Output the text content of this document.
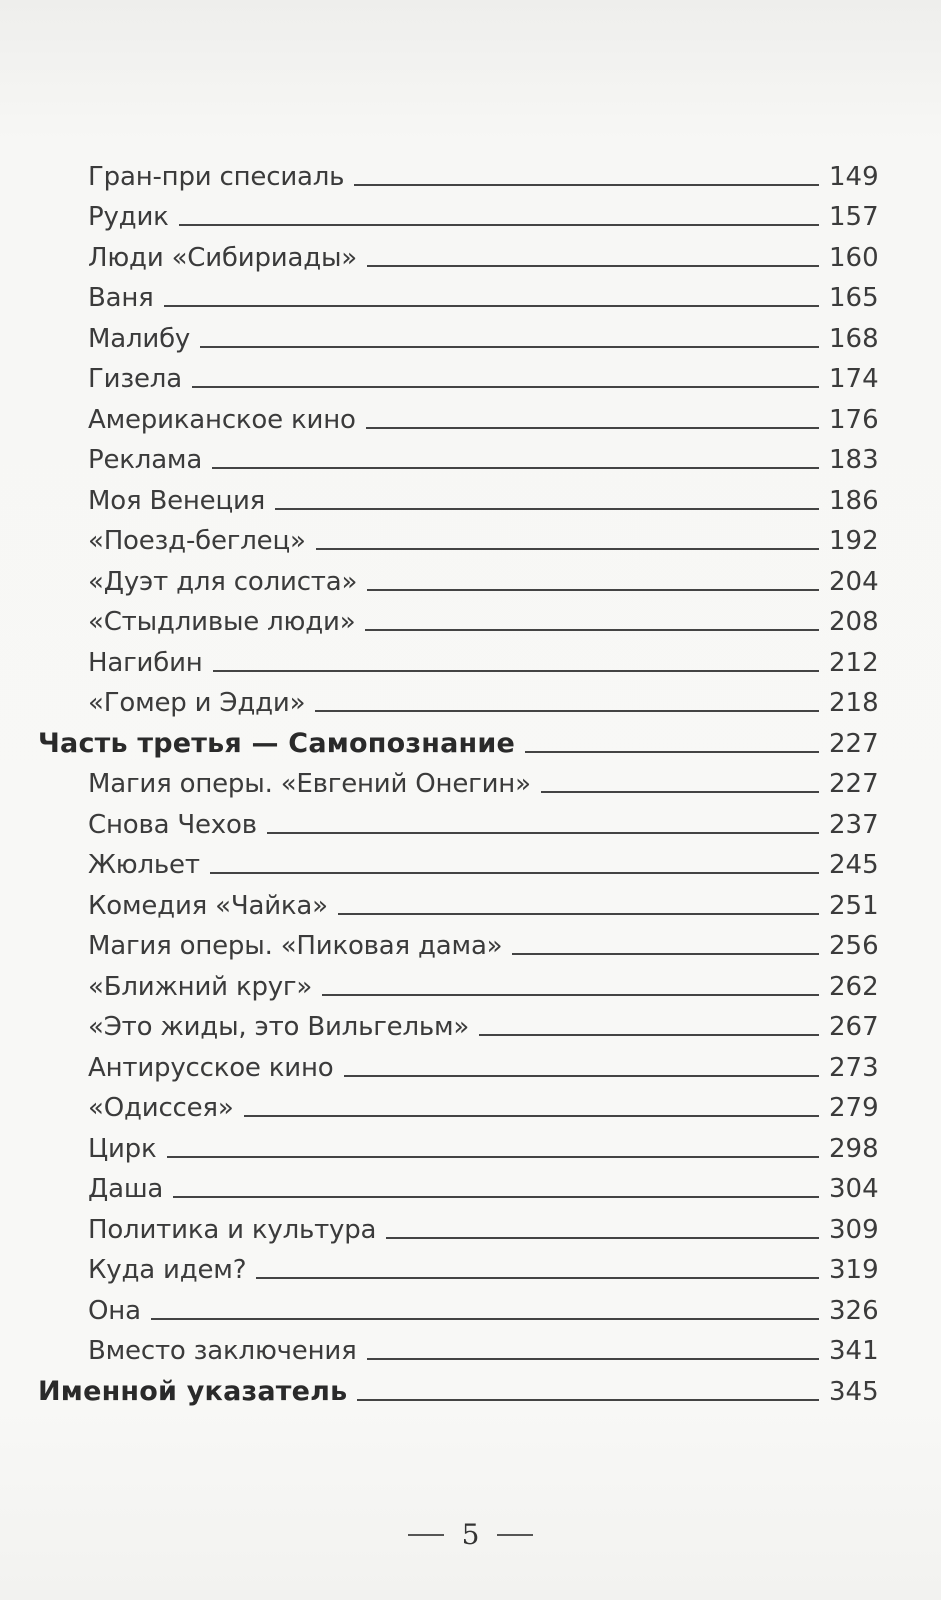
Гран-при спесиаль	149
Рудик	157
Люди «Сибириады»	160
Ваня	165
Малибу	168
Гизела	174
Американское кино	176
Реклама	183
Моя Венеция	186
«Поезд-беглец»	192
«Дуэт для солиста»	204
«Стыдливые люди»	208
Нагибин	212
«Гомер и Эдди»	218
Часть третья — Самопознание	227
Магия оперы. «Евгений Онегин»	227
Снова Чехов	237
Жюльет	245
Комедия «Чайка»	251
Магия оперы. «Пиковая дама»	256
«Ближний круг»	262
«Это жиды, это Вильгельм»	267
Антирусское кино	273
«Одиссея»	279
Цирк	298
Даша	304
Политика и культура	309
Куда идем?	319
Она	326
Вместо заключения	341
Именной указатель	345
5
